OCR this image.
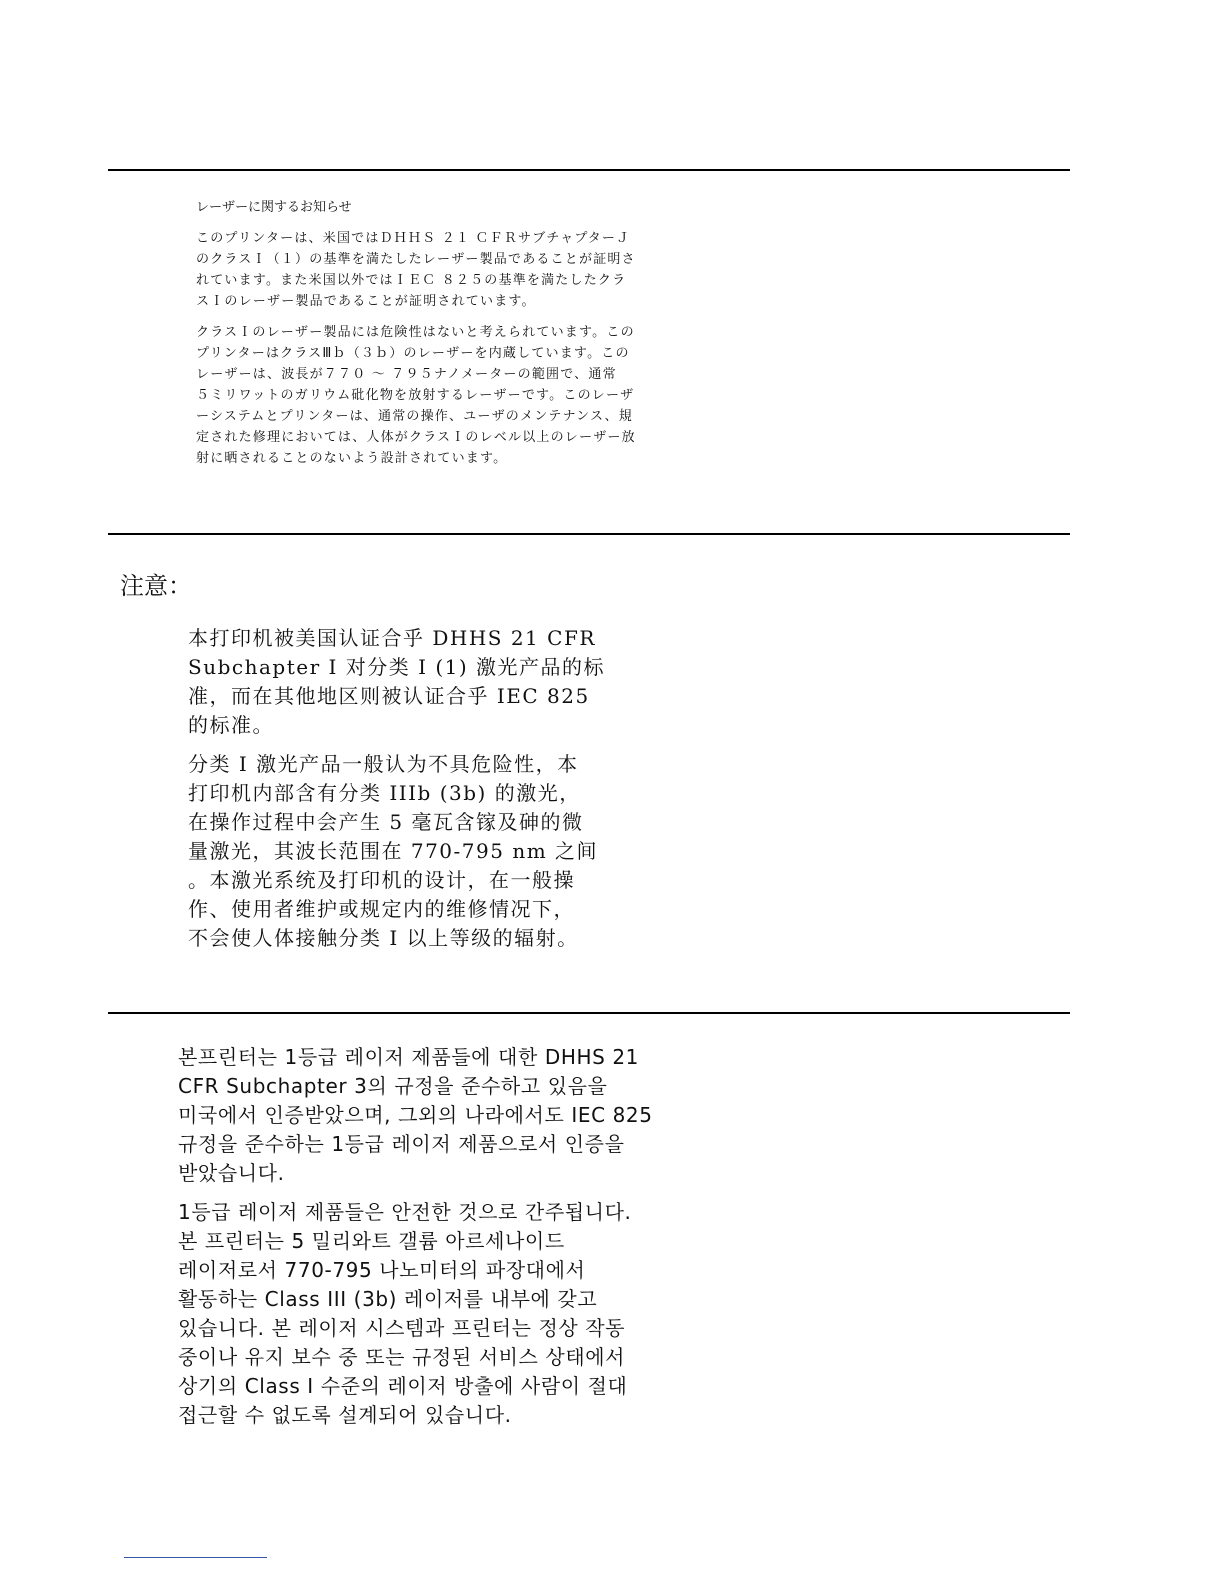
レーザーに関するお知らせ

このプリンターは、米国ではＤＨＨＳ ２１ ＣＦＲサブチャプターＪ
のクラスＩ（１）の基準を満たしたレーザー製品であることが証明さ
れています。また米国以外ではＩＥＣ ８２５の基準を満たしたクラ
スＩのレーザー製品であることが証明されています。

クラスＩのレーザー製品には危険性はないと考えられています。この
プリンターはクラスⅢｂ（３ｂ）のレーザーを内蔵しています。この
レーザーは、波長が７７０ ～ ７９５ナノメーターの範囲で、通常
５ミリワットのガリウム砒化物を放射するレーザーです。このレーザ
ーシステムとプリンターは、通常の操作、ユーザのメンテナンス、規
定された修理においては、人体がクラスＩのレベル以上のレーザー放
射に晒されることのないよう設計されています。

注意：

本打印机被美国认证合乎 DHHS 21 CFR
Subchapter I 对分类 I (1) 激光产品的标
准，而在其他地区则被认证合乎 IEC 825
的标准。

分类 I 激光产品一般认为不具危险性，本
打印机内部含有分类 IIIb (3b) 的激光，
在操作过程中会产生 5 毫瓦含镓及砷的微
量激光，其波长范围在 770-795 nm 之间
。本激光系统及打印机的设计，在一般操
作、使用者维护或规定内的维修情况下，
不会使人体接触分类 I 以上等级的辐射。

본프린터는 1등급 레이저 제품들에 대한 DHHS 21
CFR Subchapter 3의 규정을 준수하고 있음을
미국에서 인증받았으며, 그외의 나라에서도 IEC 825
규정을 준수하는 1등급 레이저 제품으로서 인증을
받았습니다.

1등급 레이저 제품들은 안전한 것으로 간주됩니다.
본 프린터는 5 밀리와트 갤륨 아르세나이드
레이저로서 770-795 나노미터의 파장대에서
활동하는 Class III (3b) 레이저를 내부에 갖고
있습니다. 본 레이저 시스템과 프린터는 정상 작동
중이나 유지 보수 중 또는 규정된 서비스 상태에서
상기의 Class I 수준의 레이저 방출에 사람이 절대
접근할 수 없도록 설계되어 있습니다.
